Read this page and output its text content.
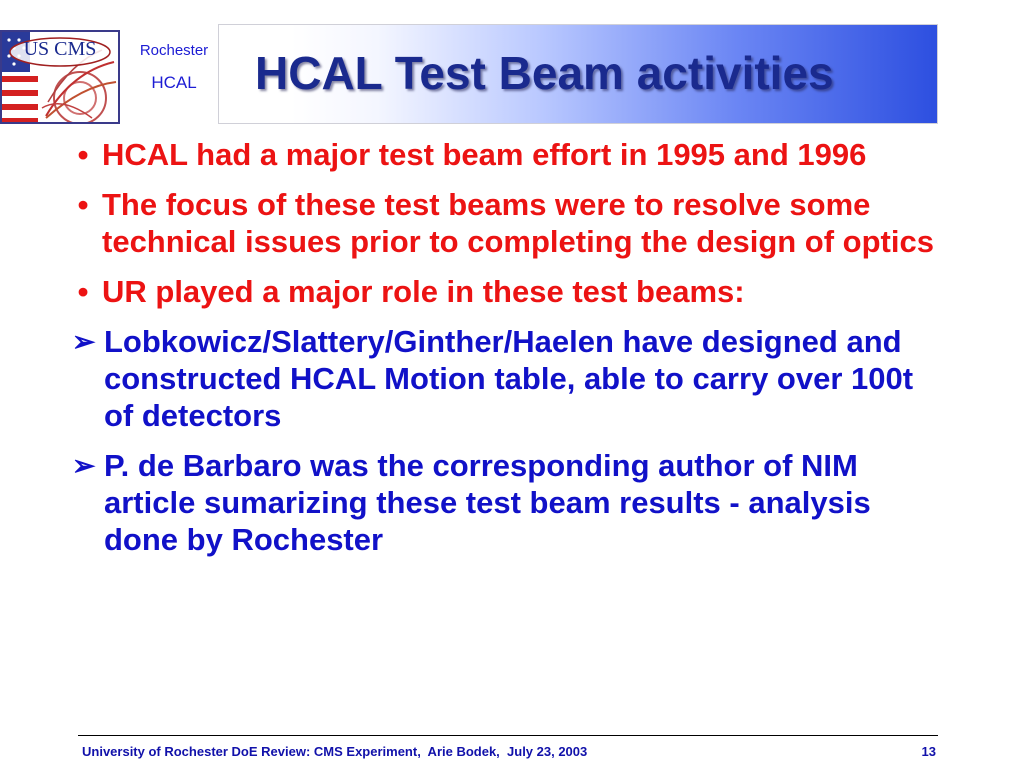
US CMS	Rochester
HCAL	HCAL Test Beam activities
• HCAL had a major test beam effort in 1995 and 1996
• The focus of these test beams were to resolve some technical issues prior to completing the design of optics
• UR played a major role in these test beams:
➢ Lobkowicz/Slattery/Ginther/Haelen have designed and constructed HCAL Motion table, able to carry over 100t of detectors
➢ P. de Barbaro was the corresponding author of NIM article sumarizing these test beam results - analysis done by Rochester
University of Rochester DoE Review: CMS Experiment,  Arie Bodek,  July 23, 2003	13
